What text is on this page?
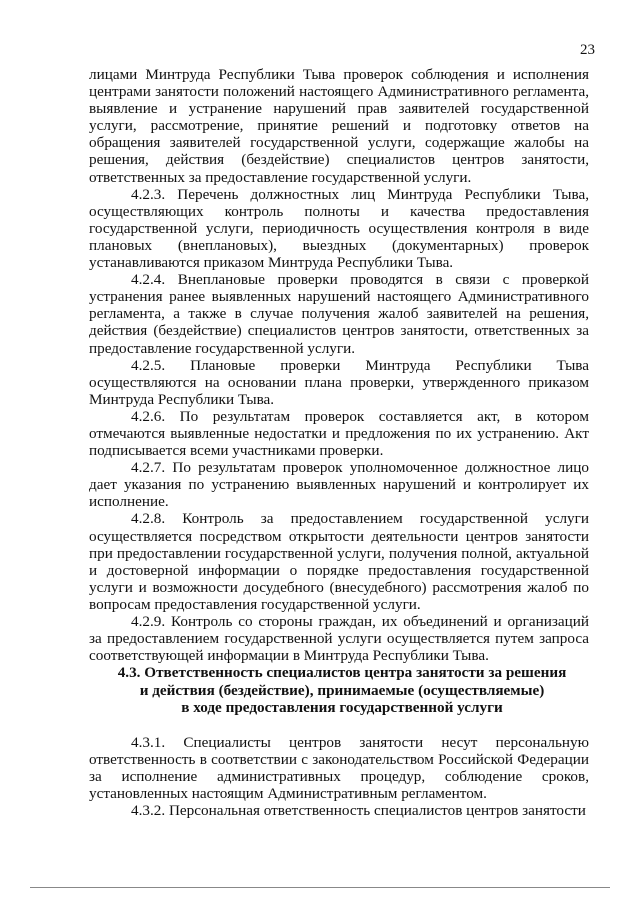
23

лицами Минтруда Республики Тыва проверок соблюдения и исполнения центрами занятости положений настоящего Административного регламента, выявление и устранение нарушений прав заявителей государственной услуги, рассмотрение, принятие решений и подготовку ответов на обращения заявителей государственной услуги, содержащие жалобы на решения, действия (бездействие) специалистов центров занятости, ответственных за предоставление государственной услуги.

4.2.3. Перечень должностных лиц Минтруда Республики Тыва, осуществляющих контроль полноты и качества предоставления государственной услуги, периодичность осуществления контроля в виде плановых (внеплановых), выездных (документарных) проверок устанавливаются приказом Минтруда Республики Тыва.

4.2.4. Внеплановые проверки проводятся в связи с проверкой устранения ранее выявленных нарушений настоящего Административного регламента, а также в случае получения жалоб заявителей на решения, действия (бездействие) специалистов центров занятости, ответственных за предоставление государственной услуги.

4.2.5. Плановые проверки Минтруда Республики Тыва осуществляются на основании плана проверки, утвержденного приказом Минтруда Республики Тыва.

4.2.6. По результатам проверок составляется акт, в котором отмечаются выявленные недостатки и предложения по их устранению. Акт подписывается всеми участниками проверки.

4.2.7. По результатам проверок уполномоченное должностное лицо дает указания по устранению выявленных нарушений и контролирует их исполнение.

4.2.8. Контроль за предоставлением государственной услуги осуществляется посредством открытости деятельности центров занятости при предоставлении государственной услуги, получения полной, актуальной и достоверной информации о порядке предоставления государственной услуги и возможности досудебного (внесудебного) рассмотрения жалоб по вопросам предоставления государственной услуги.

4.2.9. Контроль со стороны граждан, их объединений и организаций за предоставлением государственной услуги осуществляется путем запроса соответствующей информации в Минтруда Республики Тыва.

4.3. Ответственность специалистов центра занятости за решения

и действия (бездействие), принимаемые (осуществляемые)

в ходе предоставления государственной услуги

4.3.1. Специалисты центров занятости несут персональную ответственность в соответствии с законодательством Российской Федерации за исполнение административных процедур, соблюдение сроков, установленных настоящим Административным регламентом.

4.3.2. Персональная ответственность специалистов центров занятости
